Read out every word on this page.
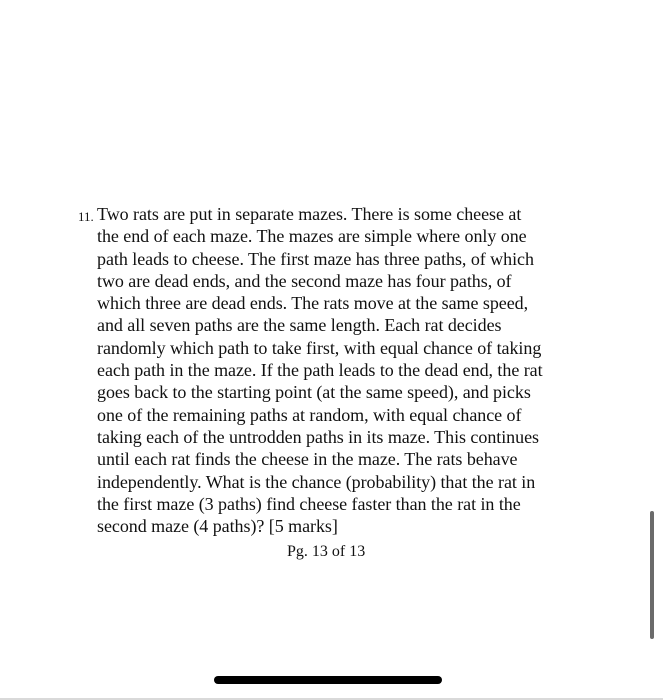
11. Two rats are put in separate mazes. There is some cheese at
the end of each maze. The mazes are simple where only one
path leads to cheese. The first maze has three paths, of which
two are dead ends, and the second maze has four paths, of
which three are dead ends. The rats move at the same speed,
and all seven paths are the same length. Each rat decides
randomly which path to take first, with equal chance of taking
each path in the maze. If the path leads to the dead end, the rat
goes back to the starting point (at the same speed), and picks
one of the remaining paths at random, with equal chance of
taking each of the untrodden paths in its maze. This continues
until each rat finds the cheese in the maze. The rats behave
independently. What is the chance (probability) that the rat in
the first maze (3 paths) find cheese faster than the rat in the
second maze (4 paths)? [5 marks]
Pg. 13 of 13
